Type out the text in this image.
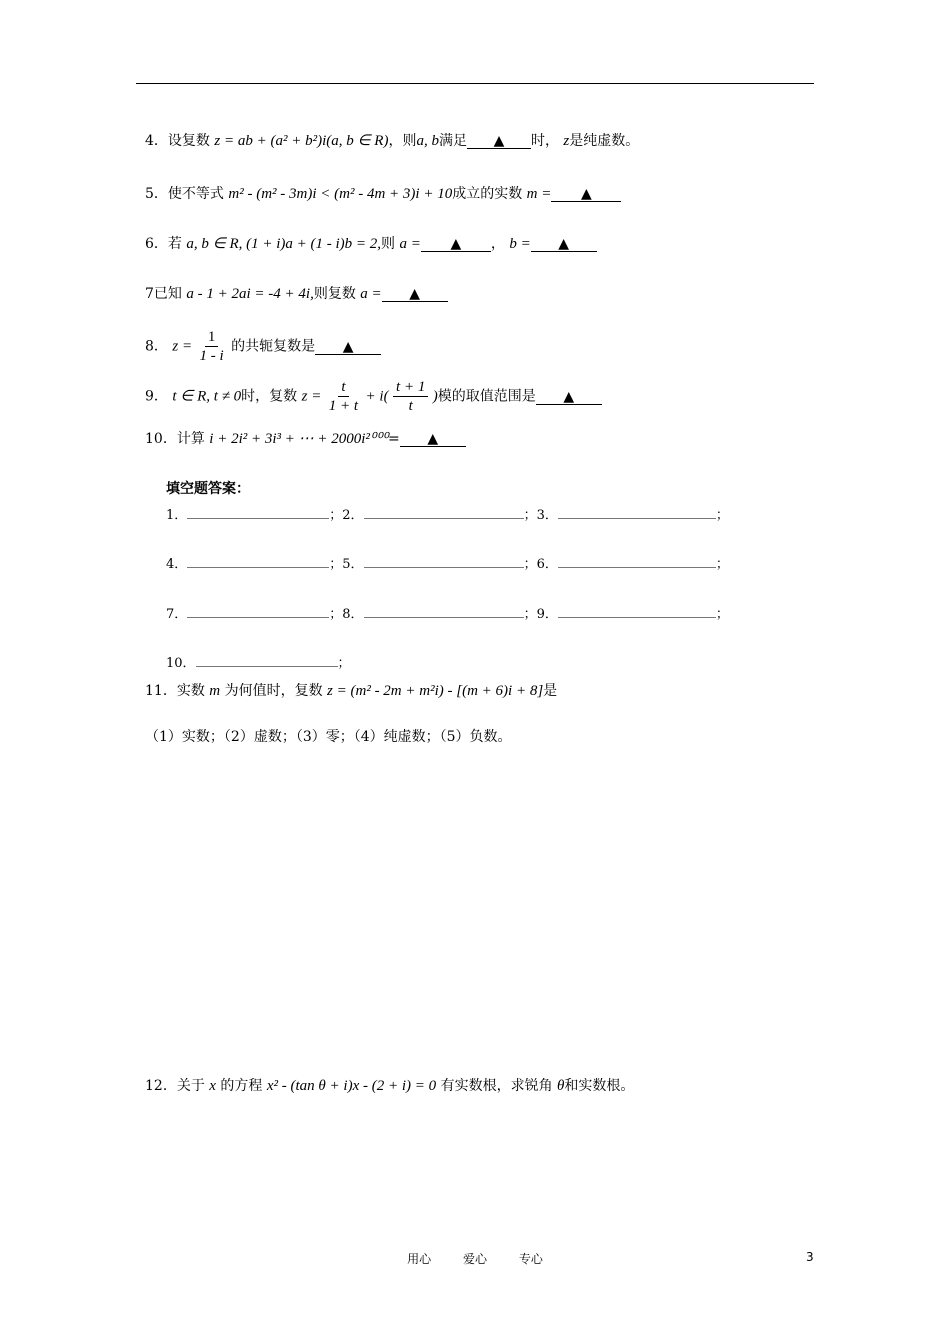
4．设复数 z = ab + (a² + b²)i(a, b ∈ R)，则a, b满足 ▲ 时， z是纯虚数。
5．使不等式 m² - (m² - 3m)i < (m² - 4m + 3)i + 10成立的实数 m = ▲
6．若 a, b ∈ R, (1 + i)a + (1 - i)b = 2,则 a = ▲ ， b = ▲
7已知 a - 1 + 2ai = -4 + 4i,则复数 a = ▲
8． $z = \frac{1}{1 - i}$ 的共轭复数是 ▲
9． t ∈ R, t ≠ 0时，复数 $z = \frac{t}{1 + t} + i( \frac{t + 1}{t}$ )模的取值范围是 ▲
10．计算 i + 2i² + 3i³ + ⋯ + 2000i²⁰⁰⁰= ▲
填空题答案：
1．	；2．	；3．	；
4．	；5．	；6．	；
7．	；8．	；9．	；
10．	；
11．实数 m 为何值时，复数 z = (m² - 2m + m²i) - [(m + 6)i + 8]是
（1）实数；（2）虚数；（3）零；（4）纯虚数；（5）负数。
12．关于 x 的方程 x² - (tan θ + i)x - (2 + i) = 0 有实数根，求锐角 θ和实数根。
用心	爱心	专心	3
